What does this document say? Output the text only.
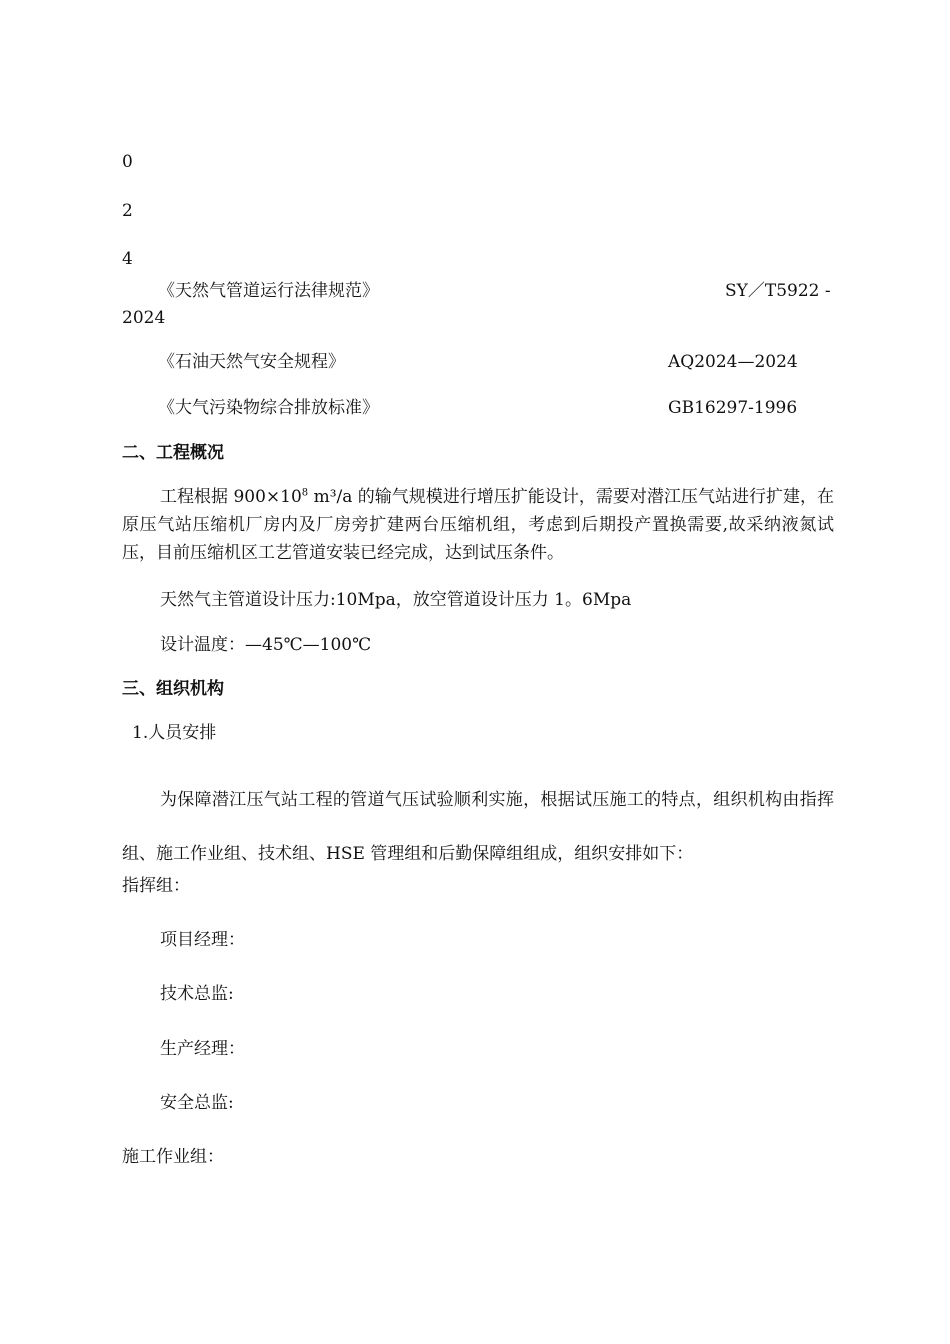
0
2
4
《天然气管道运行法律规范》	SY／T5922 -
2024
《石油天然气安全规程》	AQ2024—2024
《大气污染物综合排放标准》	GB16297-1996
二、工程概况
工程根据 $900\times 10^8$ m³/a 的输气规模进行增压扩能设计，需要对潜江压气站进行扩建，在原压气站压缩机厂房内及厂房旁扩建两台压缩机组，考虑到后期投产置换需要,故采纳液氮试压，目前压缩机区工艺管道安装已经完成，达到试压条件。
天然气主管道设计压力:10Mpa，放空管道设计压力 1。6Mpa
设计温度：—45℃—100℃
三、组织机构
1.人员安排
为保障潜江压气站工程的管道气压试验顺利实施，根据试压施工的特点，组织机构由指挥组、施工作业组、技术组、HSE 管理组和后勤保障组组成，组织安排如下：
指挥组：
项目经理：
技术总监:
生产经理：
安全总监:
施工作业组：
